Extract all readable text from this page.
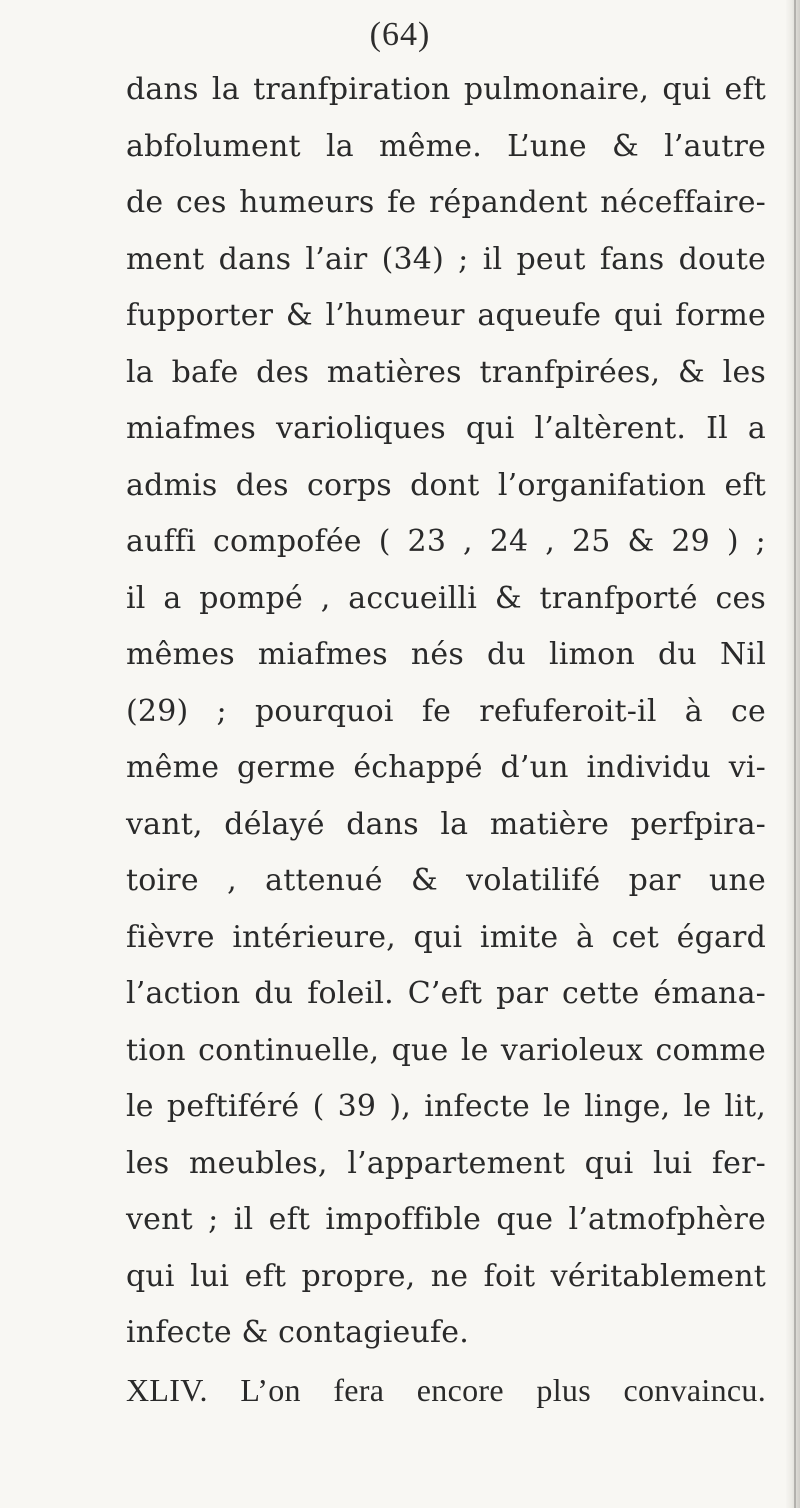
(64)
dans la tranfpiration pulmonaire, qui eft
abfolument la même. L’une & l’autre
de ces humeurs fe répandent néceffaire-
ment dans l’air (34) ; il peut fans doute
fupporter & l’humeur aqueufe qui forme
la bafe des matières tranfpirées, & les
miafmes varioliques qui l’altèrent. Il a
admis des corps dont l’organifation eft
auffi compofée ( 23 , 24 , 25 & 29 ) ;
il a pompé , accueilli & tranfporté ces
mêmes miafmes nés du limon du Nil
(29) ; pourquoi fe refuferoit-il à ce
même germe échappé d’un individu vi-
vant, délayé dans la matière perfpira-
toire , attenué & volatilifé par une
fièvre intérieure, qui imite à cet égard
l’action du foleil. C’eft par cette émana-
tion continuelle, que le varioleux comme
le peftiféré ( 39 ), infecte le linge, le lit,
les meubles, l’appartement qui lui fer-
vent ; il eft impoffible que l’atmofphère
qui lui eft propre, ne foit véritablement
infecte & contagieufe.
XLIV. L’on fera encore plus convaincu.
